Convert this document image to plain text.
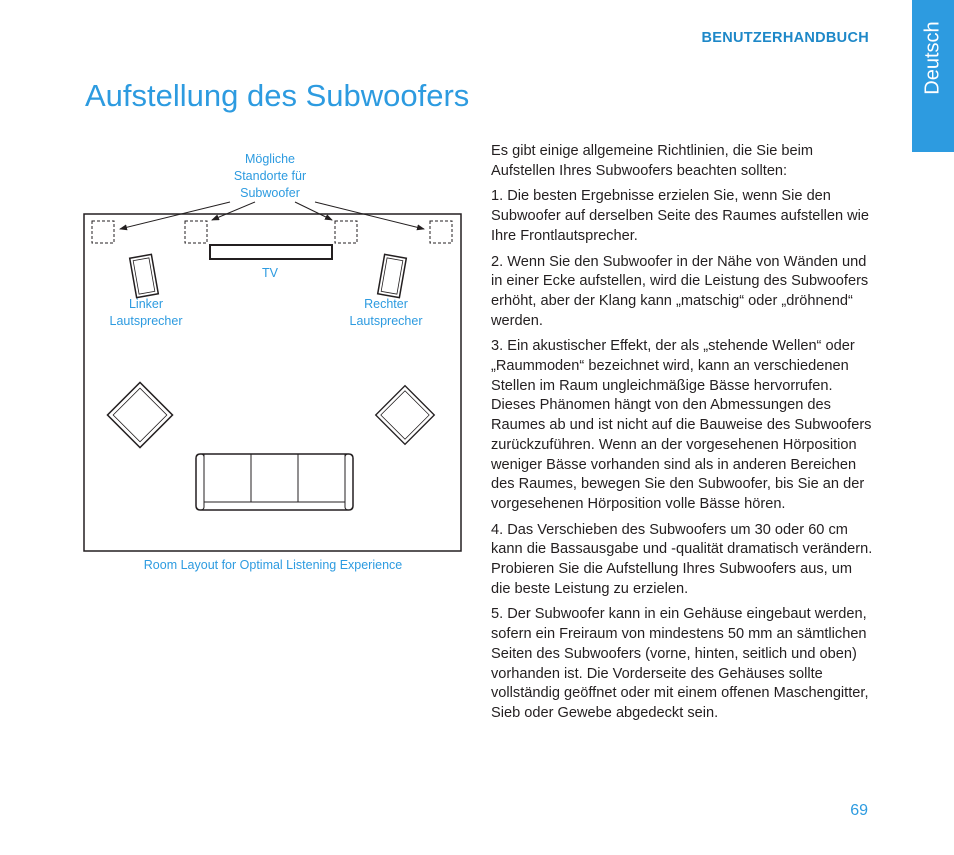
BENUTZERHANDBUCH	Deutsch
Aufstellung des Subwoofers
Mögliche
Standorte für
Subwoofer
TV
Linker
Lautsprecher
Rechter
Lautsprecher
Room Layout for Optimal Listening Experience

Es gibt einige allgemeine Richtlinien, die Sie beim Aufstellen Ihres Subwoofers beachten sollten:

1. Die besten Ergebnisse erzielen Sie, wenn Sie den Subwoofer auf derselben Seite des Raumes aufstellen wie Ihre Frontlautsprecher.

2. Wenn Sie den Subwoofer in der Nähe von Wänden und in einer Ecke aufstellen, wird die Leistung des Subwoofers erhöht, aber der Klang kann „matschig“ oder „dröhnend“ werden.

3. Ein akustischer Effekt, der als „stehende Wellen“ oder „Raummoden“ bezeichnet wird, kann an verschiedenen Stellen im Raum ungleichmäßige Bässe hervorrufen. Dieses Phänomen hängt von den Abmessungen des Raumes ab und ist nicht auf die Bauweise des Subwoofers zurückzuführen. Wenn an der vorgesehenen Hörposition weniger Bässe vorhanden sind als in anderen Bereichen des Raumes, bewegen Sie den Subwoofer, bis Sie an der vorgesehenen Hörposition volle Bässe hören.

4. Das Verschieben des Subwoofers um 30 oder 60 cm kann die Bassausgabe und -qualität dramatisch verändern. Probieren Sie die Aufstellung Ihres Subwoofers aus, um die beste Leistung zu erzielen.

5. Der Subwoofer kann in ein Gehäuse eingebaut werden, sofern ein Freiraum von mindestens 50 mm an sämtlichen Seiten des Subwoofers (vorne, hinten, seitlich und oben) vorhanden ist. Die Vorderseite des Gehäuses sollte vollständig geöffnet oder mit einem offenen Maschengitter, Sieb oder Gewebe abgedeckt sein.

69
